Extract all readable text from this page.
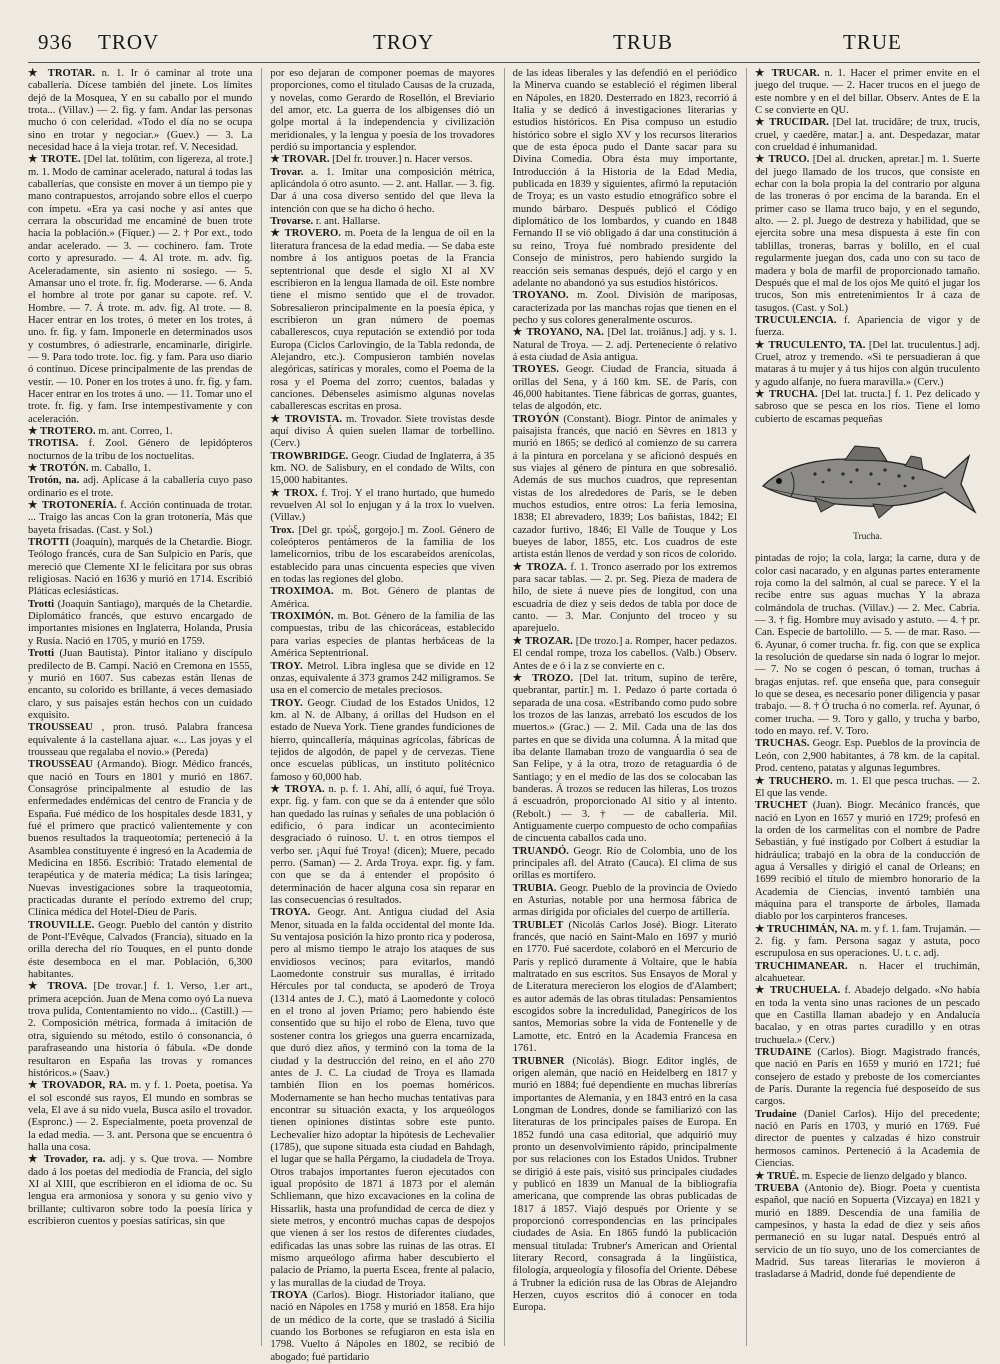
936 TROV	TROY	TRUB	TRUE

★ TROTAR. n. 1. Ir ó caminar al trote una caballería. Dícese también del jinete. Los límites dejó de la Mosquea, Y en su caballo por el mundo trota... (Villav.) — 2. fig. y fam. Andar las personas mucho ó con celeridad. «Todo el día no se ocupa sino en trotar y negociar.» (Guev.) — 3. La necesidad hace á la vieja trotar. ref. V. Necesidad.

★ TROTE. [Del lat. tolūtim, con ligereza, al trote.] m. 1. Modo de caminar acelerado, natural á todas las caballerías, que consiste en mover á un tiempo pie y mano contrapuestos, arrojando sobre ellos el cuerpo con ímpetu. «Era ya casi noche y así antes que cerrara la obscuridad me encaminé de buen trote hacia la población.» (Fiquer.) — 2. † Por ext., todo andar acelerado. — 3. — cochinero. fam. Trote corto y apresurado. — 4. Al trote. m. adv. fig. Aceleradamente, sin asiento ni sosiego. — 5. Amansar uno el trote. fr. fig. Moderarse. — 6. Anda el hombre al trote por ganar su capote. ref. V. Hombre. — 7. Á trote. m. adv. fig. Al trote. — 8. Hacer entrar en los trotes, ó meter en los trotes, á uno. fr. fig. y fam. Imponerle en determinados usos y costumbres, ó adiestrarle, encaminarle, dirigirle. — 9. Para todo trote. loc. fig. y fam. Para uso diario ó continuo. Dícese principalmente de las prendas de vestir. — 10. Poner en los trotes á uno. fr. fig. y fam. Hacer entrar en los trotes á uno. — 11. Tomar uno el trote. fr. fig. y fam. Irse intempestivamente y con aceleración.

★ TROTERO. m. ant. Correo, 1.

TROTISA. f. Zool. Género de lepidópteros nocturnos de la tribu de los noctuelitas.

★ TROTÓN. m. Caballo, 1.

Trotón, na. adj. Aplícase á la caballería cuyo paso ordinario es el trote.

★ TROTONERÍA. f. Acción continuada de trotar. ... Traigo las ancas Con la gran trotonería, Más que bayeta frisadas. (Cast. y Sol.)

TROTTI (Joaquín), marqués de la Chetardie. Biogr. Teólogo francés, cura de San Sulpicio en París, que mereció que Clemente XI le felicitara por sus obras religiosas. Nació en 1636 y murió en 1714. Escribió Pláticas eclesiásticas.

Trotti (Joaquín Santiago), marqués de la Chetardie. Diplomático francés, que estuvo encargado de importantes misiones en Inglaterra, Holanda, Prusia y Rusia. Nació en 1705, y murió en 1759.

Trotti (Juan Bautista). Pintor italiano y discípulo predilecto de B. Campi. Nació en Cremona en 1555, y murió en 1607. Sus cabezas están llenas de encanto, su colorido es brillante, á veces demasiado claro, y sus paisajes están hechos con un cuidado exquisito.

TROUSSEAU , pron. trusó. Palabra francesa equivalente á la castellana ajuar. «... Las joyas y el trousseau que regalaba el novio.» (Pereda)

TROUSSEAU (Armando). Biogr. Médico francés, que nació en Tours en 1801 y murió en 1867. Consagróse principalmente al estudio de las enfermedades endémicas del centro de Francia y de España. Fué médico de los hospitales desde 1831, y fué el primero que practicó valientemente y con buenos resultados la traqueotomía; perteneció á la Asamblea constituyente é ingresó en la Academia de Medicina en 1856. Escribió: Tratado elemental de terapéutica y de materia médica; La tisis laríngea; Nuevas investigaciones sobre la traqueotomía, practicadas durante el período extremo del crup; Clínica médica del Hotel-Dieu de París.

TROUVILLE. Geogr. Pueblo del cantón y distrito de Pont-l'Evêque, Calvados (Francia), situado en la orilla derecha del río Touques, en el punto donde éste desemboca en el mar. Población, 6,300 habitantes.

★ TROVA. [De trovar.] f. 1. Verso, 1.er art., primera acepción. Juan de Mena como oyó La nueva trova pulida, Contentamiento no vido... (Castill.) — 2. Composición métrica, formada á imitación de otra, siguiendo su método, estilo ó consonancia, ó parafraseando una historia ó fábula. «De donde resultaron en España las trovas y romances históricos.» (Saav.)

★ TROVADOR, RA. m. y f. 1. Poeta, poetisa. Ya el sol escondé sus rayos, El mundo en sombras se vela, El ave á su nido vuela, Busca asilo el trovador. (Espronc.) — 2. Especialmente, poeta provenzal de la edad media. — 3. ant. Persona que se encuentra ó halla una cosa.

★ Trovador, ra. adj. y s. Que trova. — Nombre dado á los poetas del mediodía de Francia, del siglo XI al XIII, que escribieron en el idioma de oc. Su lengua era armoniosa y sonora y su genio vivo y brillante; cultivaron sobre todo la poesía lírica y escribieron cuentos y poesías satíricas, sin que

por eso dejaran de componer poemas de mayores proporciones, como el titulado Causas de la cruzada, y novelas, como Gerardo de Rosellón, el Breviario del amor, etc. La guerra de los albigenses dió un golpe mortal á la independencia y civilización meridionales, y la lengua y poesía de los trovadores perdió su importancia y esplendor.

★ TROVAR. [Del fr. trouver.] n. Hacer versos.

Trovar. a. 1. Imitar una composición métrica, aplicándola ó otro asunto. — 2. ant. Hallar. — 3. fig. Dar á una cosa diverso sentido del que lleva la intención con que se ha dicho ó hecho.

Trovarse. r. ant. Hallarse.

★ TROVERO. m. Poeta de la lengua de oil en la literatura francesa de la edad media. — Se daba este nombre á los antiguos poetas de la Francia septentrional que desde el siglo XI al XV escribieron en la lengua llamada de oil. Este nombre tiene el mismo sentido que el de trovador. Sobresalieron principalmente en la poesía épica, y escribieron un gran número de poemas caballerescos, cuya reputación se extendió por toda Europa (Ciclos Carlovingio, de la Tabla redonda, de Alejandro, etc.). Compusieron también novelas alegóricas, satíricas y morales, como el Poema de la rosa y el Poema del zorro; cuentos, baladas y canciones. Débenseles asimismo algunas novelas caballerescas escritas en prosa.

★ TROVISTA. m. Trovador. Siete trovistas desde aquí diviso Á quien suelen llamar de torbellino. (Cerv.)

TROWBRIDGE. Geogr. Ciudad de Inglaterra, á 35 km. NO. de Salisbury, en el condado de Wilts, con 15,000 habitantes.

★ TROX. f. Troj. Y el trano hurtado, que humedo revuelven Al sol lo enjugan y á la trox lo vuelven. (Villav.)

Trox. [Del gr. τρώξ, gorgojo.] m. Zool. Género de coleópteros pentámeros de la familia de los lamelicornios, tribu de los escarabeídos arenícolas, establecido para unas cincuenta especies que viven en todas las regiones del globo.

TROXIMOA. m. Bot. Género de plantas de América.

TROXIMÓN. m. Bot. Género de la familia de las compuestas, tribu de las chicoráceas, establecido para varias especies de plantas herbáceas de la América Septentrional.

TROY. Metrol. Libra inglesa que se divide en 12 onzas, equivalente á 373 gramos 242 miligramos. Se usa en el comercio de metales preciosos.

TROY. Geogr. Ciudad de los Estados Unidos, 12 km. al N. de Albany, á orillas del Hudson en el estado de Nueva York. Tiene grandes fundiciones de hierro, quincallería, máquinas agrícolas, fábricas de tejidos de algodón, de papel y de cervezas. Tiene once escuelas públicas, un instituto politécnico famoso y 60,000 hab.

★ TROYA. n. p. f. 1. Ahí, allí, ó aquí, fué Troya. expr. fig. y fam. con que se da á entender que sólo han quedado las ruinas y señales de una población ó edificio, ó para indicar un acontecimiento desgraciado ó ruinoso. U. t. en otros tiempos el verbo ser. ¡Aquí fué Troya! (dicen); Muere, pecado perro. (Saman) — 2. Arda Troya. expr. fig. y fam. con que se da á entender el propósito ó determinación de hacer alguna cosa sin reparar en las consecuencias ó resultados.

TROYA. Geogr. Ant. Antigua ciudad del Asia Menor, situada en la falda occidental del monte Ida. Su ventajosa posición la hizo pronto rica y poderosa, pero al mismo tiempo le atrajo los ataques de sus envidiosos vecinos; para evitarlos, mandó Laomedonte construir sus murallas, é irritado Hércules por tal conducta, se apoderó de Troya (1314 antes de J. C.), mató á Laomedonte y colocó en el trono al joven Príamo; pero habiendo éste consentido que su hijo el robo de Elena, tuvo que sostener contra los griegos una guerra encarnizada, que duró diez años, y terminó con la toma de la ciudad y la destrucción del reino, en el año 270 antes de J. C. La ciudad de Troya es llamada también Ilion en los poemas homéricos. Modernamente se han hecho muchas tentativas para encontrar su situación exacta, y los arqueólogos tienen opiniones distintas sobre este punto. Lechevalier hizo adoptar la hipótesis de Lechevalier (1785), que supone situada esta ciudad en Bahdagh, el lugar que se halla Pérgamo, la ciudadela de Troya. Otros trabajos importantes fueron ejecutados con igual propósito de 1871 á 1873 por el alemán Schliemann, que hizo excavaciones en la colina de Hissarlik, hasta una profundidad de cerca de diez y siete metros, y encontró muchas capas de despojos que vienen á ser los restos de diferentes ciudades, edificadas las unas sobre las ruinas de las otras. El mismo arqueólogo afirma haber descubierto el palacio de Príamo, la puerta Escea, frente al palacio, y las murallas de la ciudad de Troya.

TROYA (Carlos). Biogr. Historiador italiano, que nació en Nápoles en 1758 y murió en 1858. Era hijo de un médico de la corte, que se trasladó á Sicilia cuando los Borbones se refugiaron en esta isla en 1798. Vuelto á Nápoles en 1802, se recibió de abogado; fué partidario

de las ideas liberales y las defendió en el periódico la Minerva cuando se estableció el régimen liberal en Nápoles, en 1820. Desterrado en 1823, recorrió á Italia y se dedicó á investigaciones literarias y estudios históricos. En Pisa compuso un estudio histórico sobre el siglo XV y los recursos literarios que de esta época pudo el Dante sacar para su Divina Comedia. Obra ésta muy importante, Introducción á la Historia de la Edad Media, publicada en 1839 y siguientes, afirmó la reputación de Troya; es un vasto estudio etnográfico sobre el mundo bárbaro. Después publicó el Código diplomático de los lombardos, y cuando en 1848 Fernando II se vió obligado á dar una constitución á su reino, Troya fué nombrado presidente del Consejo de ministros, pero habiendo surgido la reacción seis semanas después, dejó el cargo y en adelante no abandonó ya sus estudios históricos.

TROYANO. m. Zool. División de mariposas, caracterizada por las manchas rojas que tienen en el pecho y sus colores generalmente oscuros.

★ TROYANO, NA. [Del lat. troiānus.] adj. y s. 1. Natural de Troya. — 2. adj. Perteneciente ó relativo á esta ciudad de Asia antigua.

TROYES. Geogr. Ciudad de Francia, situada á orillas del Sena, y á 160 km. SE. de París, con 46,000 habitantes. Tiene fábricas de gorras, guantes, telas de algodón, etc.

TROYÓN (Constant). Biogr. Pintor de animales y paisajista francés, que nació en Sèvres en 1813 y murió en 1865; se dedicó al comienzo de su carrera á la pintura en porcelana y se aficionó después en sus viajes al género de pintura en que sobresalió. Además de sus muchos cuadros, que representan vistas de los alrededores de París, se le deben muchos estudios, entre otros: La feria lemosina, 1838; El abrevadero, 1839; Los bañistas, 1842; El cazador furtivo, 1846; El Valle de Touque y Los bueyes de labor, 1855, etc. Los cuadros de este artista están llenos de verdad y son ricos de colorido.

★ TROZA. f. 1. Tronco aserrado por los extremos para sacar tablas. — 2. pr. Seg. Pieza de madera de hilo, de siete á nueve pies de longitud, con una escuadría de diez y seis dedos de tabla por doce de canto. — 3. Mar. Conjunto del troceo y su aparejuelo.

★ TROZAR. [De trozo.] a. Romper, hacer pedazos. El cendal rompe, troza los cabellos. (Valb.) Observ. Antes de e ó i la z se convierte en c.

★ TROZO. [Del lat. tritum, supino de terĕre, quebrantar, partir.] m. 1. Pedazo ó parte cortada ó separada de una cosa. «Estribando como pudo sobre los trozos de las lanzas, arrebató los escudos de los muertos.» (Grac.) — 2. Mil. Cada una de las dos partes en que se divida una columna. Á la mitad que iba delante llamaban trozo de vanguardia ó sea de San Felipe, y á la otra, trozo de retaguardia ó de Santiago; y en el medio de las dos se colocaban las banderas. Á trozos se reducen las hileras, Los trozos á escuadrón, proporcionado Al sitio y al intento. (Rebolt.) — 3. † — de caballería. Mil. Antiguamente cuerpo compuesto de ocho compañías de cincuenta caballos cada uno.

TRUANDÓ. Geogr. Río de Colombia, uno de los principales afl. del Atrato (Cauca). El clima de sus orillas es mortífero.

TRUBIA. Geogr. Pueblo de la provincia de Oviedo en Asturias, notable por una hermosa fábrica de armas dirigida por oficiales del cuerpo de artillería.

TRUBLET (Nicolás Carlos José). Biogr. Literato francés, que nació en Saint-Malo en 1697 y murió en 1770. Fué sacerdote, colaboró en el Mercurio de París y replicó duramente á Voltaire, que le había maltratado en sus escritos. Sus Ensayos de Moral y de Literatura merecieron los elogios de d'Alambert; es autor además de las obras tituladas: Pensamientos escogidos sobre la incredulidad, Panegíricos de los santos, Memorias sobre la vida de Fontenelle y de Lamotte, etc. Entró en la Academia Francesa en 1761.

TRUBNER (Nicolás). Biogr. Editor inglés, de origen alemán, que nació en Heidelberg en 1817 y murió en 1884; fué dependiente en muchas librerías importantes de Alemania, y en 1843 entró en la casa Longman de Londres, donde se familiarizó con las literaturas de los principales países de Europa. En 1852 fundó una casa editorial, que adquirió muy pronto un desenvolvimiento rápido, principalmente por sus relaciones con los Estados Unidos. Trubner se dirigió á este país, visitó sus principales ciudades y publicó en 1839 un Manual de la bibliografía americana, que comprende las obras publicadas de 1817 á 1857. Viajó después por Oriente y se proporcionó correspondencias en las principales ciudades de Asia. En 1865 fundó la publicación mensual titulada: Trubner's American and Oriental literary Record, consagrada á la lingüística, filología, arqueología y filosofía del Oriente. Débese á Trubner la edición rusa de las Obras de Alejandro Herzen, cuyos escritos dió á conocer en toda Europa.

★ TRUCAR. n. 1. Hacer el primer envite en el juego del truque. — 2. Hacer trucos en el juego de este nombre y en el del billar. Observ. Antes de E la C se convierte en QU.

★ TRUCIDAR. [Del lat. trucidāre; de trux, trucis, cruel, y caedĕre, matar.] a. ant. Despedazar, matar con crueldad é inhumanidad.

★ TRUCO. [Del al. drucken, apretar.] m. 1. Suerte del juego llamado de los trucos, que consiste en echar con la bola propia la del contrario por alguna de las troneras ó por encima de la baranda. En el primer caso se llama truco bajo, y en el segundo, alto. — 2. pl. Juego de destreza y habilidad, que se ejercita sobre una mesa dispuesta á este fin con tablillas, troneras, barras y bolillo, en el cual regularmente juegan dos, cada uno con su taco de madera y bola de marfil de proporcionado tamaño. Después que el mal de los ojos Me quitó el jugar los trucos, Son mis entretenimientos Ir á caza de tasugos. (Cast. y Sol.)

TRUCULENCIA. f. Apariencia de vigor y de fuerza.

★ TRUCULENTO, TA. [Del lat. truculentus.] adj. Cruel, atroz y tremendo. «Si te persuadieran á que mataras á tu mujer y á tus hijos con algún truculento y agudo alfanje, no fuera maravilla.» (Cerv.)

★ TRUCHA. [Del lat. tructa.] f. 1. Pez delicado y sabroso que se pesca en los ríos. Tiene el lomo cubierto de escamas pequeñas

Trucha.

pintadas de rojo; la cola, larga; la carne, dura y de color casi nacarado, y en algunas partes enteramente roja como la del salmón, al cual se parece. Y el la recibe entre sus aguas muchas Y la abraza colmándola de truchas. (Villav.) — 2. Mec. Cabria. — 3. † fig. Hombre muy avisado y astuto. — 4. † pr. Can. Especie de bartolillo. — 5. — de mar. Raso. — 6. Ayunar, ó comer trucha. fr. fig. con que se explica la resolución de quedarse sin nada ó lograr lo mejor. — 7. No se cogen ó pescan, ó toman, truchas á bragas enjutas. ref. que enseña que, para conseguir lo que se desea, es necesario poner diligencia y pasar trabajo. — 8. † Ó trucha ó no comerla. ref. Ayunar, ó comer trucha. — 9. Toro y gallo, y trucha y barbo, todo en mayo. ref. V. Toro.

TRUCHAS. Geogr. Esp. Pueblos de la provincia de León, con 2,900 habitantes, á 78 km. de la capital. Prod. centeno, patatas y algunas legumbres.

★ TRUCHERO. m. 1. El que pesca truchas. — 2. El que las vende.

TRUCHET (Juan). Biogr. Mecánico francés, que nació en Lyon en 1657 y murió en 1729; profesó en la orden de los carmelitas con el nombre de Padre Sebastián, y fué instigado por Colbert á estudiar la hidráulica; trabajó en la obra de la conducción de agua á Versalles y dirigió el canal de Orleans; en 1699 recibió el título de miembro honorario de la Academia de Ciencias, inventó también una máquina para el transporte de árboles, llamada diablo por los carpinteros franceses.

★ TRUCHIMÁN, NA. m. y f. 1. fam. Trujamán. — 2. fig. y fam. Persona sagaz y astuta, poco escrupulosa en sus operaciones. U. t. c. adj.

TRUCHIMANEAR. n. Hacer el truchimán, alcahuetear.

★ TRUCHUELA. f. Abadejo delgado. «No había en toda la venta sino unas raciones de un pescado que en Castilla llaman abadejo y en Andalucía bacalao, y en otras partes curadillo y en otras truchuela.» (Cerv.)

TRUDAINE (Carlos). Biogr. Magistrado francés, que nació en París en 1659 y murió en 1721; fué consejero de estado y preboste de los comerciantes de París. Durante la regencia fué desposeído de sus cargos.

Trudaine (Daniel Carlos). Hijo del precedente; nació en París en 1703, y murió en 1769. Fué director de puentes y calzadas é hizo construir hermosos caminos. Perteneció á la Academia de Ciencias.

★ TRUÉ. m. Especie de lienzo delgado y blanco.

TRUEBA (Antonio de). Biogr. Poeta y cuentista español, que nació en Sopuerta (Vizcaya) en 1821 y murió en 1889. Descendía de una familia de campesinos, y hasta la edad de diez y seis años permaneció en su lugar natal. Después entró al servicio de un tío suyo, uno de los comerciantes de Madrid. Sus tareas literarias le movieron á trasladarse á Madrid, donde fué dependiente de
